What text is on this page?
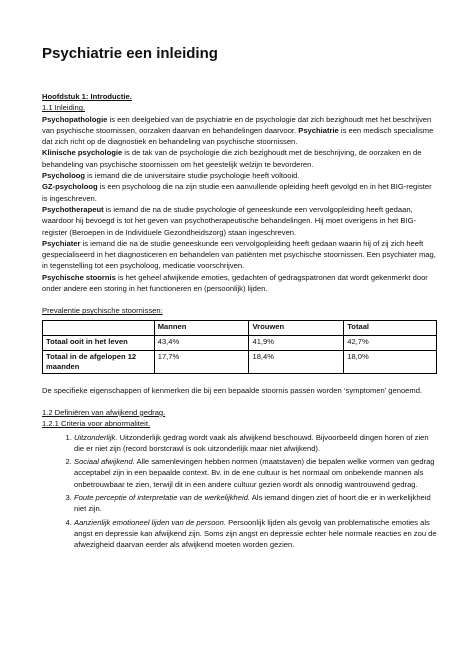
Psychiatrie een inleiding

Hoofdstuk 1: Introductie.

1.1 Inleiding.

Psychopathologie is een deelgebied van de psychiatrie en de psychologie dat zich bezighoudt met het beschrijven van psychische stoornissen, oorzaken daarvan en behandelingen daarvoor. Psychiatrie is een medisch specialisme dat zich richt op de diagnostiek en behandeling van psychische stoornissen.

Klinische psychologie is de tak van de psychologie die zich bezighoudt met de beschrijving, de oorzaken en de behandeling van psychische stoornissen om het geestelijk welzijn te bevorderen.

Psycholoog is iemand die de universitaire studie psychologie heeft voltooid.

GZ-psycholoog is een psycholoog die na zijn studie een aanvullende opleiding heeft gevolgd en in het BIG-register is ingeschreven.

Psychotherapeut is iemand die na de studie psychologie of geneeskunde een vervolgopleiding heeft gedaan, waardoor hij bevoegd is tot het geven van psychotherapeutische behandelingen. Hij moet overigens in het BIG-register (Beroepen in de Individuele Gezondheidszorg) staan ingeschreven.

Psychiater is iemand die na de studie geneeskunde een vervolgopleiding heeft gedaan waarin hij of zij zich heeft gespecialiseerd in het diagnosticeren en behandelen van patiënten met psychische stoornissen. Een psychiater mag, in tegenstelling tot een psycholoog, medicatie voorschrijven.

Psychische stoornis is het geheel afwijkende emoties, gedachten of gedragspatronen dat wordt gekenmerkt door onder andere een storing in het functioneren en (persoonlijk) lijden.

Prevalentie psychische stoornissen:

	Mannen	Vrouwen	Totaal
Totaal ooit in het leven	43,4%	41,9%	42,7%
Totaal in de afgelopen 12 maanden	17,7%	18,4%	18,0%

De specifieke eigenschappen of kenmerken die bij een bepaalde stoornis passen worden ‘symptomen’ genoemd.

1.2 Definiëren van afwijkend gedrag.

1.2.1 Criteria voor abnormaliteit.

1. Uitzonderlijk. Uitzonderlijk gedrag wordt vaak als afwijkend beschouwd. Bijvoorbeeld dingen horen of zien die er niet zijn (record borstcrawl is ook uitzonderlijk maar niet afwijkend).
2. Sociaal afwijkend. Alle samenlevingen hebben normen (maatstaven) die bepalen welke vormen van gedrag acceptabel zijn in een bepaalde context. Bv. in de ene cultuur is het normaal om onbekende mannen als onbetrouwbaar te zien, terwijl dit in een andere cultuur gezien wordt als onnodig wantrouwend gedrag.
3. Foute perceptie of interpretatie van de werkelijkheid. Als iemand dingen ziet of hoort die er in werkelijkheid niet zijn.
4. Aanzienlijk emotioneel lijden van de persoon. Persoonlijk lijden als gevolg van problematische emoties als angst en depressie kan afwijkend zijn. Soms zijn angst en depressie echter hele normale reacties en zou de afwezigheid daarvan eerder als afwijkend moeten worden gezien.
